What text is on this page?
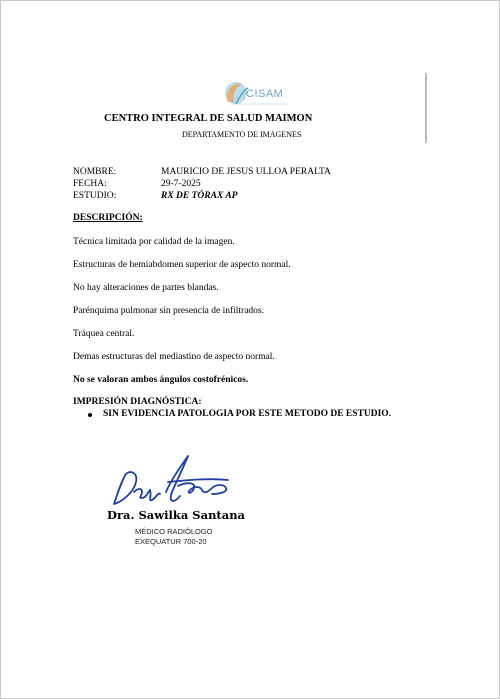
CISAM
CENTRO INTEGRAL DE SALUD MAIMON
DEPARTAMENTO DE IMAGENES
NOMBRE:	MAURICIO DE JESUS ULLOA PERALTA
FECHA:	29-7-2025
ESTUDIO:	RX DE TÓRAX AP
DESCRIPCIÓN:
Técnica limitada por calidad de la imagen.
Estructuras de hemiabdomen superior de aspecto normal.
No hay alteraciones de partes blandas.
Parénquima pulmonar sin presencia de infiltrados.
Tráquea central.
Demas estructuras del mediastino de aspecto normal.
No se valoran ambos ángulos costofrénicos.
IMPRESIÓN DIAGNÓSTICA:
SIN EVIDENCIA PATOLOGIA POR ESTE METODO DE ESTUDIO.
Dra. Sawilka Santana
MÉDICO RADIÓLOGO
EXEQUATUR 700-20
